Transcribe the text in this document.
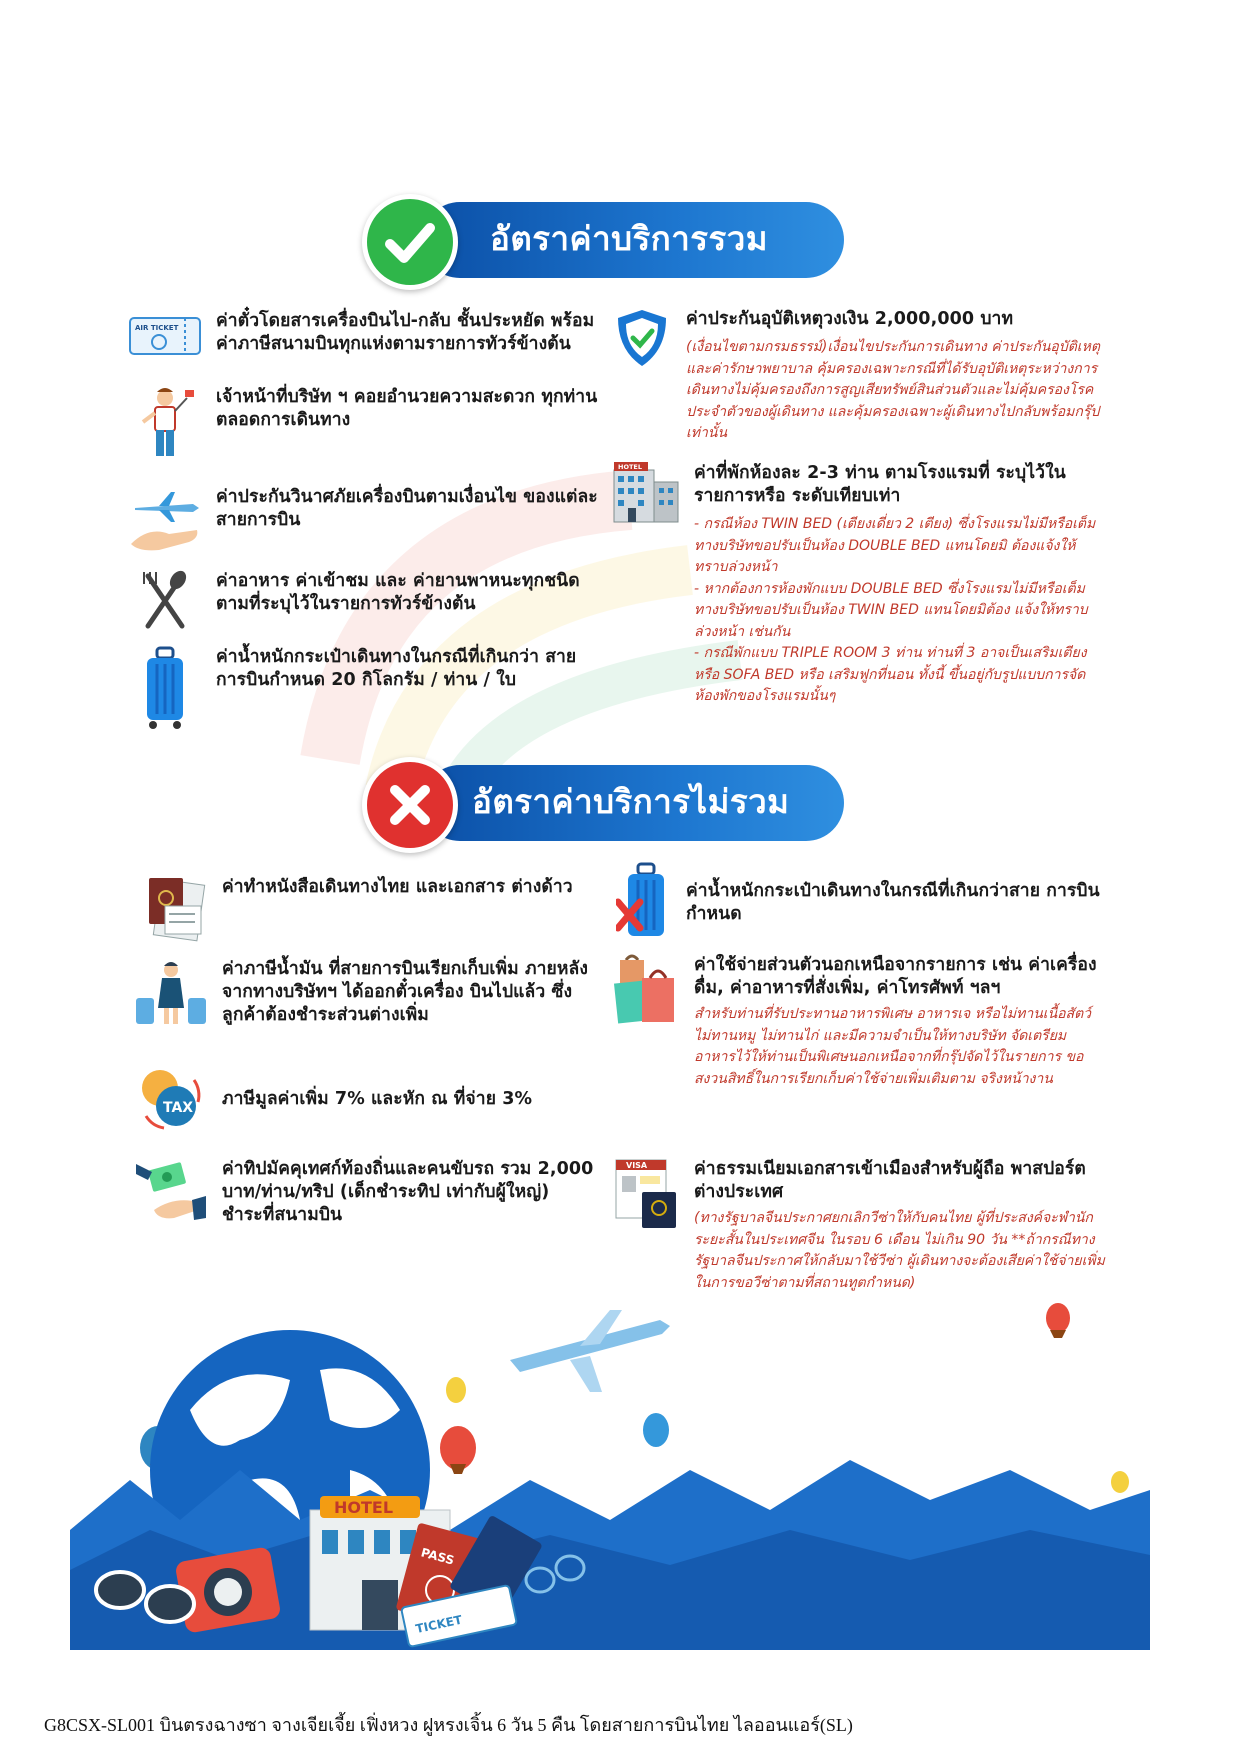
อัตราค่าบริการรวม
AIR TICKET ค่าตั๋วโดยสารเครื่องบินไป-กลับ ชั้นประหยัด พร้อมค่าภาษีสนามบินทุกแห่งตามรายการทัวร์ข้างต้น
เจ้าหน้าที่บริษัท ฯ คอยอำนวยความสะดวก ทุกท่านตลอดการเดินทาง
ค่าประกันวินาศภัยเครื่องบินตามเงื่อนไข ของแต่ละสายการบิน
ค่าอาหาร ค่าเข้าชม และ ค่ายานพาหนะทุกชนิด ตามที่ระบุไว้ในรายการทัวร์ข้างต้น
ค่าน้ำหนักกระเป๋าเดินทางในกรณีที่เกินกว่า สายการบินกำหนด 20 กิโลกรัม / ท่าน / ใบ
ค่าประกันอุบัติเหตุวงเงิน 2,000,000 บาท
(เงื่อนไขตามกรมธรรม์)เงื่อนไขประกันการเดินทาง ค่าประกันอุบัติเหตุและค่ารักษาพยาบาล คุ้มครองเฉพาะกรณีที่ได้รับอุบัติเหตุระหว่างการเดินทางไม่คุ้มครองถึงการสูญเสียทรัพย์สินส่วนตัวและไม่คุ้มครองโรคประจำตัวของผู้เดินทาง และคุ้มครองเฉพาะผู้เดินทางไปกลับพร้อมกรุ๊ปเท่านั้น
HOTEL	ค่าที่พักห้องละ 2-3 ท่าน ตามโรงแรมที่ ระบุไว้ในรายการหรือ ระดับเทียบเท่า
- กรณีห้อง TWIN BED (เตียงเดี่ยว 2 เตียง) ซึ่งโรงแรมไม่มีหรือเต็ม ทางบริษัทขอปรับเป็นห้อง DOUBLE BED แทนโดยมิ ต้องแจ้งให้ทราบล่วงหน้า
- หากต้องการห้องพักแบบ DOUBLE BED ซึ่งโรงแรมไม่มีหรือเต็ม ทางบริษัทขอปรับเป็นห้อง TWIN BED แทนโดยมิต้อง แจ้งให้ทราบล่วงหน้า เช่นกัน
- กรณีพักแบบ TRIPLE ROOM 3 ท่าน ท่านที่ 3 อาจเป็นเสริมเตียง หรือ SOFA BED หรือ เสริมฟูกที่นอน ทั้งนี้ ขึ้นอยู่กับรูปแบบการจัดห้องพักของโรงแรมนั้นๆ
อัตราค่าบริการไม่รวม
ค่าทำหนังสือเดินทางไทย และเอกสาร ต่างด้าว
ค่าภาษีน้ำมัน ที่สายการบินเรียกเก็บเพิ่ม ภายหลังจากทางบริษัทฯ ได้ออกตั๋วเครื่อง บินไปแล้ว ซึ่งลูกค้าต้องชำระส่วนต่างเพิ่ม
TAX ภาษีมูลค่าเพิ่ม 7% และหัก ณ ที่จ่าย 3%
ค่าทิปมัคคุเทศก์ท้องถิ่นและคนขับรถ รวม 2,000 บาท/ท่าน/ทริป (เด็กชำระทิป เท่ากับผู้ใหญ่) ชำระที่สนามบิน
ค่าน้ำหนักกระเป๋าเดินทางในกรณีที่เกินกว่าสาย การบินกำหนด
ค่าใช้จ่ายส่วนตัวนอกเหนือจากรายการ เช่น ค่าเครื่องดื่ม, ค่าอาหารที่สั่งเพิ่ม, ค่าโทรศัพท์ ฯลฯ
สำหรับท่านที่รับประทานอาหารพิเศษ อาหารเจ หรือไม่ทานเนื้อสัตว์ ไม่ทานหมู ไม่ทานไก่ และมีความจำเป็นให้ทางบริษัท จัดเตรียมอาหารไว้ให้ท่านเป็นพิเศษนอกเหนือจากที่กรุ๊ปจัดไว้ในรายการ ขอสงวนสิทธิ์ในการเรียกเก็บค่าใช้จ่ายเพิ่มเติมตาม จริงหน้างาน
VISA	ค่าธรรมเนียมเอกสารเข้าเมืองสำหรับผู้ถือ พาสปอร์ตต่างประเทศ
(ทางรัฐบาลจีนประกาศยกเลิกวีซ่าให้กับคนไทย ผู้ที่ประสงค์จะพำนักระยะสั้นในประเทศจีน ในรอบ 6 เดือน ไม่เกิน 90 วัน **ถ้ากรณีทางรัฐบาลจีนประกาศให้กลับมาใช้วีซ่า ผู้เดินทางจะต้องเสียค่าใช้จ่ายเพิ่มในการขอวีซ่าตามที่สถานทูตกำหนด)
HOTEL
PASS
TICKET
G8CSX-SL001 บินตรงฉางซา จางเจียเจี้ย เฟิ่งหวง ฝูหรงเจิ้น 6 วัน 5 คืน โดยสายการบินไทย ไลออนแอร์(SL)
